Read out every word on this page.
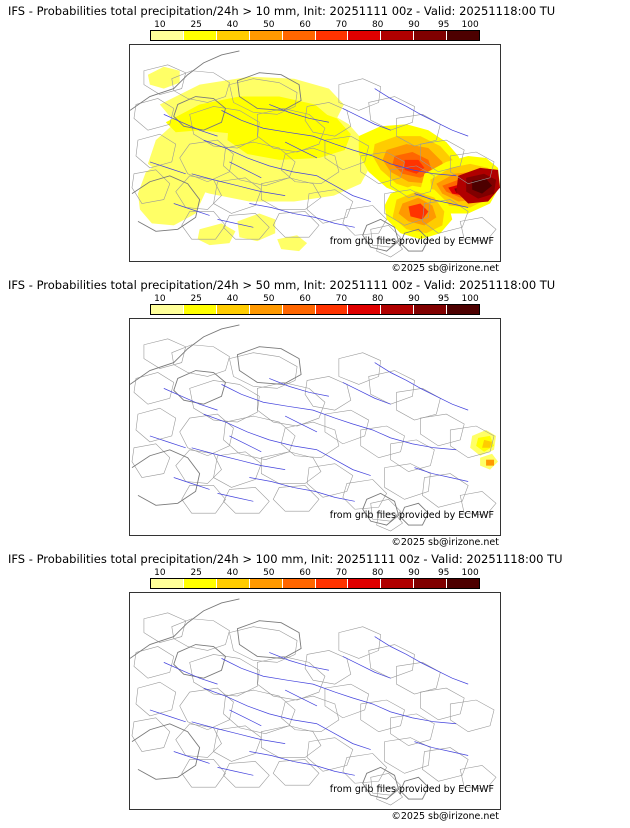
IFS - Probabilities total precipitation/24h > 10 mm, Init: 20251111 00z - Valid: 20251118:00 TU
10	25	40	50	60	70	80	90 95 100
from grib files provided by ECMWF
©2025 sb@irizone.net
IFS - Probabilities total precipitation/24h > 50 mm, Init: 20251111 00z - Valid: 20251118:00 TU
10	25	40	50	60	70	80	90 95 100
from grib files provided by ECMWF
©2025 sb@irizone.net
IFS - Probabilities total precipitation/24h > 100 mm, Init: 20251111 00z - Valid: 20251118:00 TU
10	25	40	50	60	70	80	90 95 100
from grib files provided by ECMWF
©2025 sb@irizone.net
